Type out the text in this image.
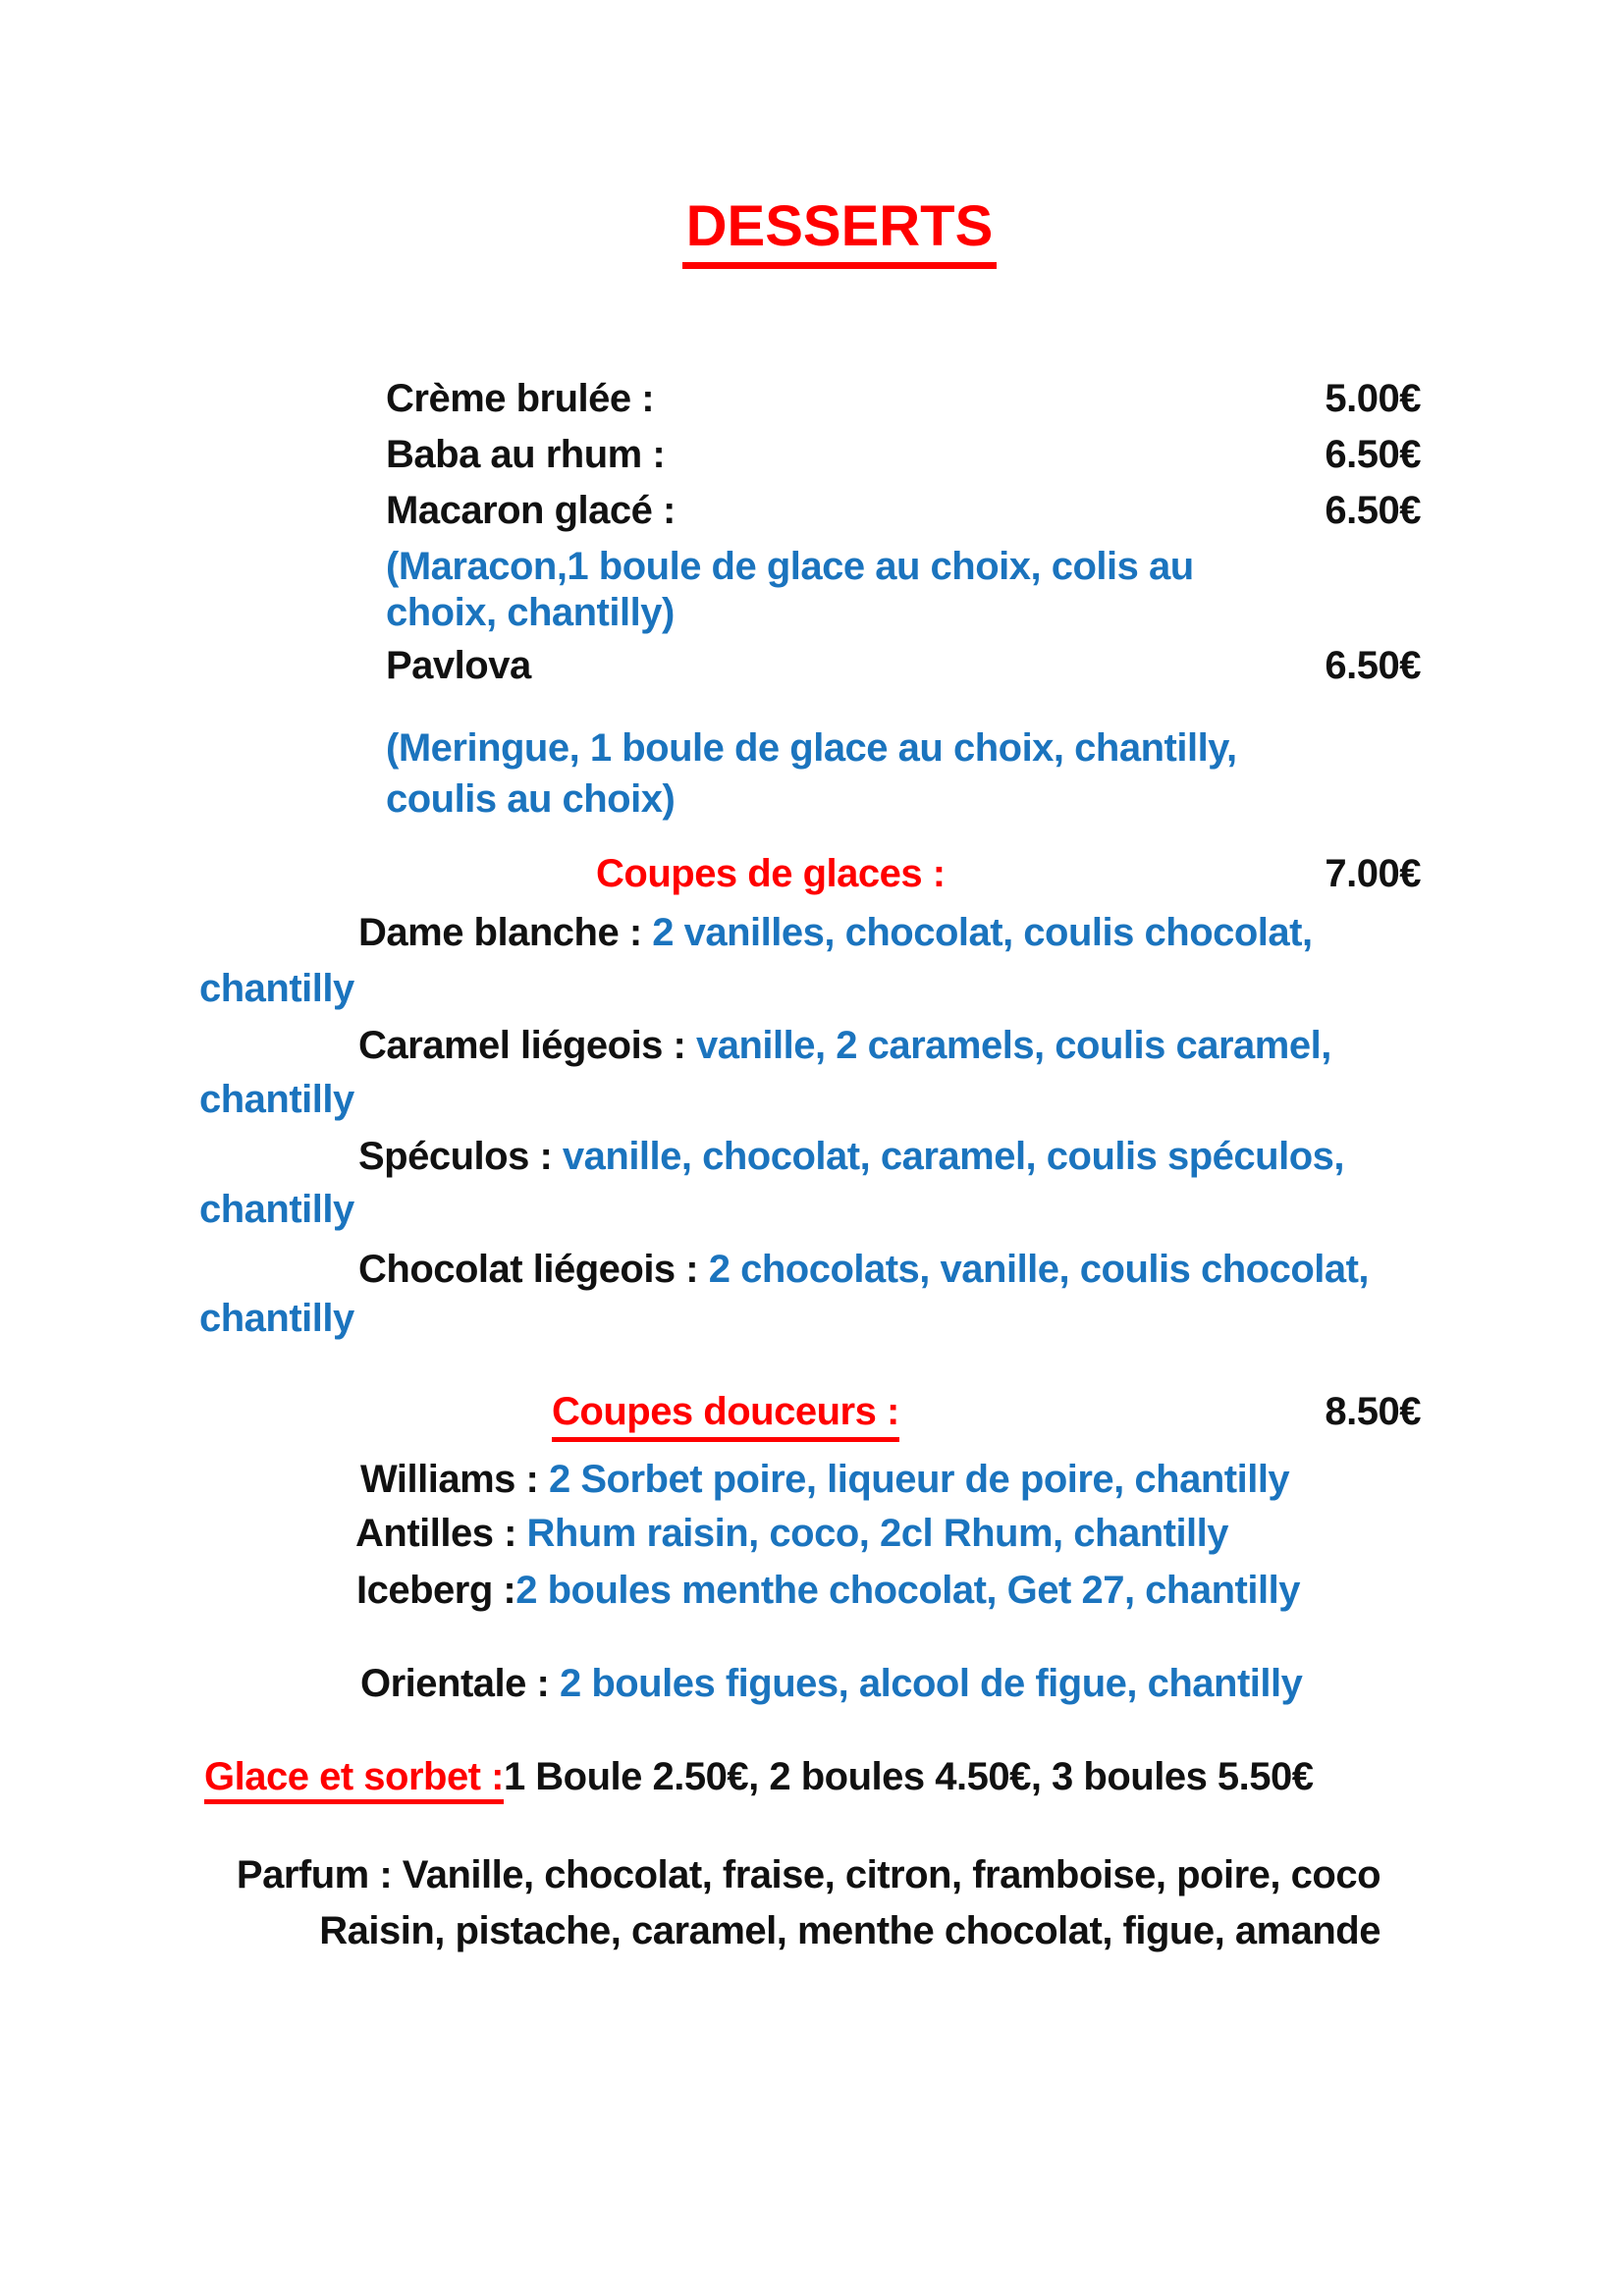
DESSERTS
Crème brulée :	5.00€
Baba au rhum :	6.50€
Macaron glacé :	6.50€
(Maracon,1 boule de glace au choix, colis au
choix, chantilly)
Pavlova	6.50€
(Meringue, 1 boule de glace au choix, chantilly,
coulis au choix)
Coupes de glaces :	7.00€
Dame blanche : 2 vanilles, chocolat, coulis chocolat,
chantilly
Caramel liégeois : vanille, 2 caramels, coulis caramel,
chantilly
Spéculos : vanille, chocolat, caramel, coulis spéculos,
chantilly
Chocolat liégeois : 2 chocolats, vanille, coulis chocolat,
chantilly
Coupes douceurs :	8.50€
Williams : 2 Sorbet poire, liqueur de poire, chantilly
Antilles : Rhum raisin, coco, 2cl Rhum, chantilly
Iceberg :2 boules menthe chocolat, Get 27, chantilly
Orientale : 2 boules figues, alcool de figue, chantilly
Glace et sorbet :1 Boule 2.50€, 2 boules 4.50€, 3 boules 5.50€
Parfum : Vanille, chocolat, fraise, citron, framboise, poire, coco
Raisin, pistache, caramel, menthe chocolat, figue, amande
